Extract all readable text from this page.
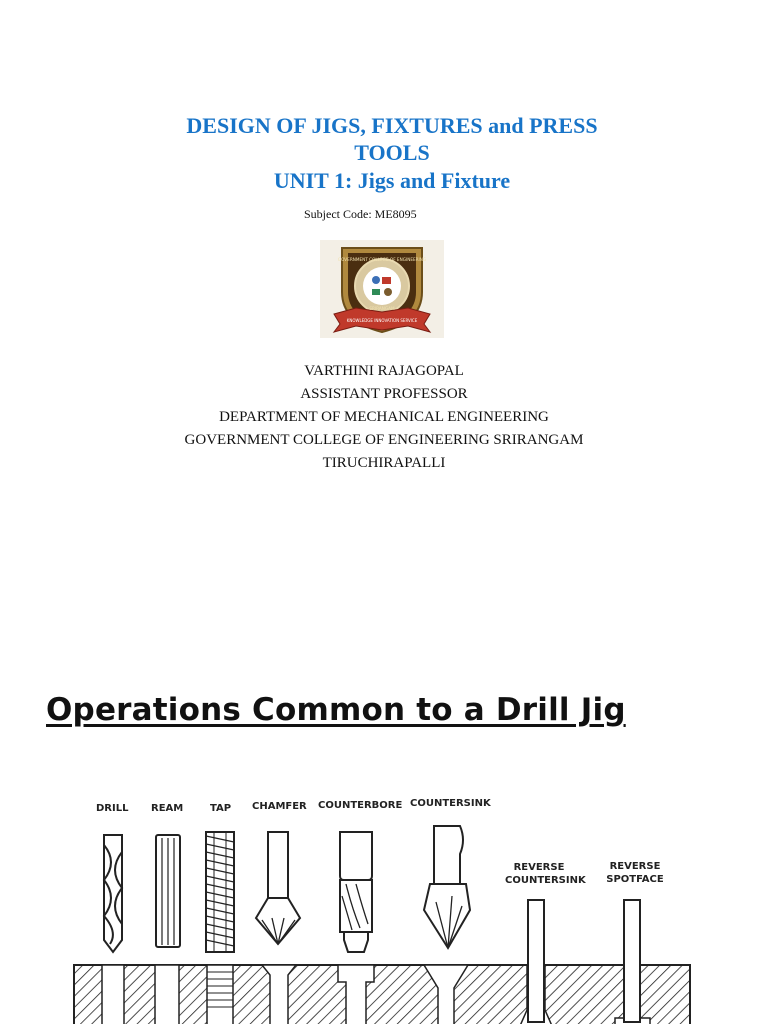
DESIGN OF JIGS, FIXTURES and PRESS
TOOLS
UNIT 1: Jigs and Fixture
Subject Code: ME8095
KNOWLEDGE INNOVATION SERVICE
GOVERNMENT COLLEGE OF ENGINEERING
SRIRANGAM
VARTHINI RAJAGOPAL
ASSISTANT PROFESSOR
DEPARTMENT OF MECHANICAL ENGINEERING
GOVERNMENT COLLEGE OF ENGINEERING SRIRANGAM
TIRUCHIRAPALLI
Operations Common to a Drill Jig
DRILL REAM	TAP CHAMFER COUNTERBORE COUNTERSINK
REVERSE
COUNTERSINK
REVERSE
SPOTFACE
